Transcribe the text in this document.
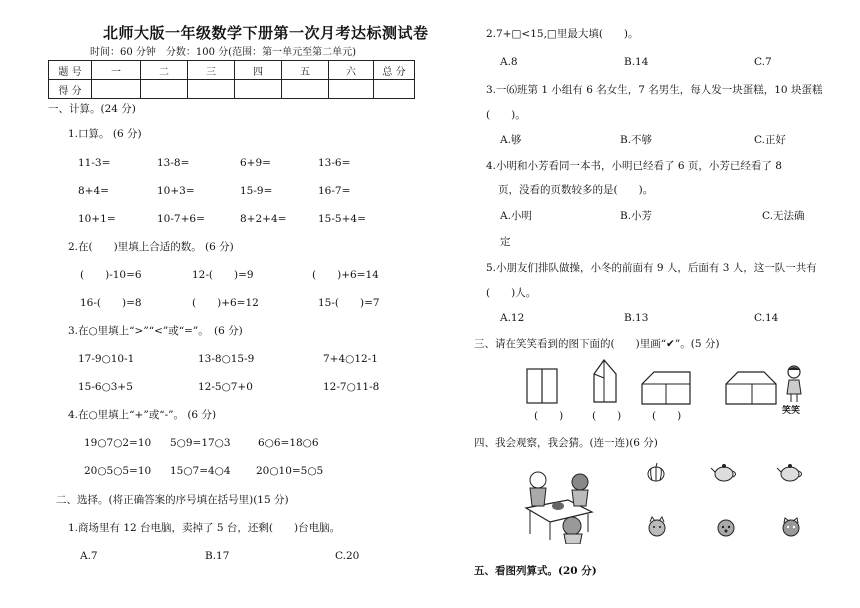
北师大版一年级数学下册第一次月考达标测试卷
时间：60 分钟　分数：100 分(范围：第一单元至第二单元)
题 号	一	二	三	四	五	六	总 分
得 分							
一、计算。(24 分)
1.口算。 (6 分)
11-3=	13-8=	6+9=	13-6=
8+4=	10+3=	15-9=	16-7=
10+1=	10-7+6=	8+2+4=	15-5+4=
2.在(　　)里填上合适的数。 (6 分)
(　　)-10=6	12-(　　)=9	(　　)+6=14
16-(　　)=8	(　　)+6=12	15-(　　)=7
3.在○里填上“>”“<”或“=”。　(6 分)
17-9○10-1	13-8○15-9	7+4○12-1
15-6○3+5	12-5○7+0	12-7○11-8
4.在○里填上“+”或“-”。 (6 分)
19○7○2=10 5○9=17○3	6○6=18○6
20○5○5=10 15○7=4○4 20○10=5○5
二、选择。(将正确答案的序号填在括号里)(15 分)
1.商场里有 12 台电脑，卖掉了 5 台，还剩(　　)台电脑。
A.7	B.17	C.20
2.7+□<15,□里最大填(　　)。
A.8	B.14	C.7
3.一⑹班第 1 小组有 6 名女生，7 名男生，每人发一块蛋糕，10 块蛋糕
(　　)。
A.够	B.不够	C.正好
4.小明和小芳看同一本书，小明已经看了 6 页，小芳已经看了 8
页，没看的页数较多的是(　　)。
A.小明	B.小芳	C.无法确
定
5.小朋友们排队做操，小冬的前面有 9 人，后面有 3 人，这一队一共有
(　　)人。
A.12	B.13	C.14
三、请在笑笑看到的图下面的(　　)里画“✔”。(5 分)
笑笑
(　　)	(　　)	(　　)
四、我会观察，我会猜。(连一连)(6 分)
五、看图列算式。(20 分)
